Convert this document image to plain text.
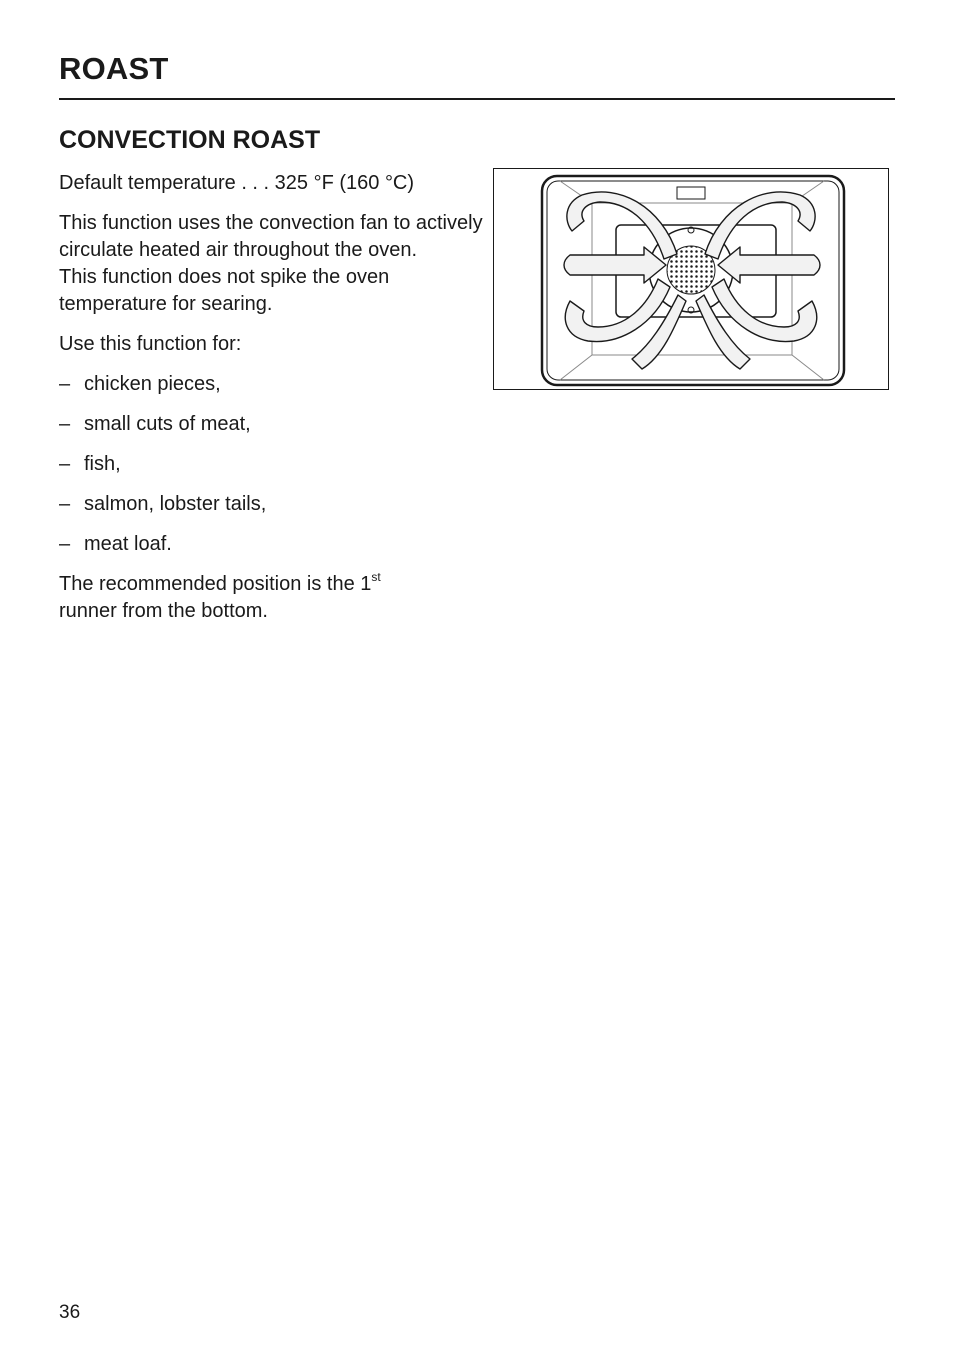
ROAST
CONVECTION ROAST

Default temperature . . . 325 °F (160 °C)

This function uses the convection fan to actively circulate heated air throughout the oven.
This function does not spike the oven temperature for searing.

Use this function for:

– chicken pieces,
– small cuts of meat,
– fish,
– salmon, lobster tails,
– meat loaf.

The recommended position is the 1st
runner from the bottom.

36
